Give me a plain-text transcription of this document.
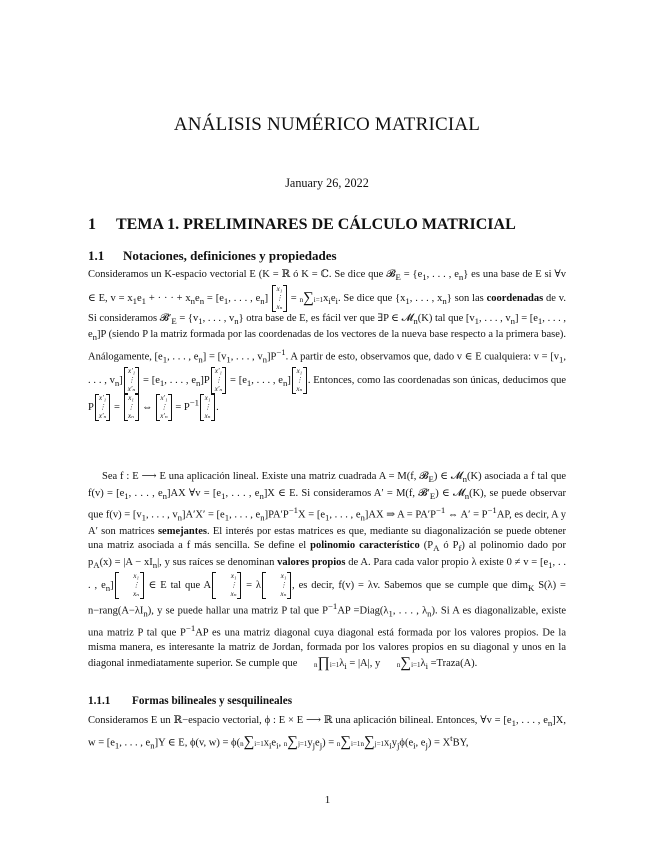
ANÁLISIS NUMÉRICO MATRICIAL
January 26, 2022
1 TEMA 1. PRELIMINARES DE CÁLCULO MATRICIAL
1.1 Notaciones, definiciones y propiedades

Consideramos un K-espacio vectorial E (K = ℝ ó K = ℂ. Se dice que 𝓑$_E$ = {$e_1$, . . . , $e_n$} es una base de E si ∀v ∈ E, $v = x_1e_1$ + · · · + $x_ne_n = [e_1$, . . . , $e_n$]
x₁
⋮
xₙ
= $n\sum i=1x_ie_i$. Se dice que {$x_1$, . . . , $x_n$} son las coordenadas de v. Si consideramos $𝓑'_E = \{v_1$, . . . , $v_n$} otra base de E, es fácil ver que ∃P ∈ 𝓜$_n$(K) tal que [$v_1$, . . . , $v_n] = [e_1$, . . . , $e_n]P$ (siendo P la matriz formada por las coordenadas de los vectores de la nueva base respecto a la primera base). Análogamente, [$e_1$, . . . , $e_n] = [v_1$, . . . , $v_n]P^{-1}$. A partir de esto, observamos que, dado v ∈ E cualquiera: $v = [v_1$, . . . , $v_n$]
x′₁
⋮
x′ₙ
= [$e_1$, . . . , $e_n]P$
x′₁
⋮
x′ₙ
= [$e_1$, . . . , $e_n$]
x₁
⋮
xₙ
. Entonces, como las coordenadas son únicas, deducimos que P
x′₁
⋮
x′ₙ
=
x₁
⋮
xₙ
⇔
x′₁
⋮
x′ₙ
= $P^{-1}$ x₁
⋮
xₙ
.

Sea f : E ⟶ E una aplicación lineal. Existe una matriz cuadrada A = M(f, 𝓑$_E$) ∈ 𝓜$_n$(K) asociada a f tal que $f(v) = [e_1$, . . . , $e_n]AX$ ∀v = [$e_1$, . . . , $e_n]X$ ∈ E. Si consideramos A′ = M(f, $𝓑'_E$) ∈ 𝓜$_n$(K), se puede observar que $f(v) = [v_1$, . . . , $v_n]A'X' = [e_1$, . . . , $e_n]PA'P^{-1}X = [e_1$, . . . , $e_n]AX$ ⇒ $A = PA'P^{-1}$ ⇔ $A' = P^{-1}AP$, es decir, A y A′ son matrices semejantes. El interés por estas matrices es que, mediante su diagonalización se puede obtener una matriz asociada a f más sencilla. Se define el polinomio característico ($P_A$ ó $P_f$) al polinomio dado por $p_A(x) = |A - xI_n|$, y sus raíces se denominan valores propios de A. Para cada valor propio λ existe $0 \ne v = [e_1$, . . . , $e_n$]
x₁
⋮
xₙ
∈ E tal que A
x₁
⋮
xₙ
= λ
x₁
⋮
xₙ
, es decir, f(v) = λv. Sabemos que se cumple que dim$_K$ $S(\lambda) = n-rang(A-\lambda I_n)$, y se puede hallar una matriz P tal que $P^{-1}AP$ $=Diag(\lambda_1$, . . . , $\lambda_n$). Si A es diagonalizable, existe una matriz P tal que $P^{-1}AP$ es una matriz diagonal cuya diagonal está formada por los valores propios. De la misma manera, es interesante la matriz de Jordan, formada por los valores propios en su diagonal y unos en la diagonal inmediatamente superior. Se cumple que $n\prod i=1\lambda_i = |A|$, y $n\sum i=1\lambda_i$ =Traza(A).

1.1.1 Formas bilineales y sesquilineales

Consideramos E un ℝ−espacio vectorial, ϕ : E × E ⟶ ℝ una aplicación bilineal. Entonces, ∀v = [$e_1$, . . . , $e_n]X$, $w = [e_1$, . . . , $e_n]Y$ ∈ E, ϕ(v, $w) = \phi(n\sum i=1x_ie_i$, $n\sum j=1y_je_j) = n\sum i=1n\sum j=1x_iy_j\phi(e_i$, $e_j) = X^tBY$,

1
